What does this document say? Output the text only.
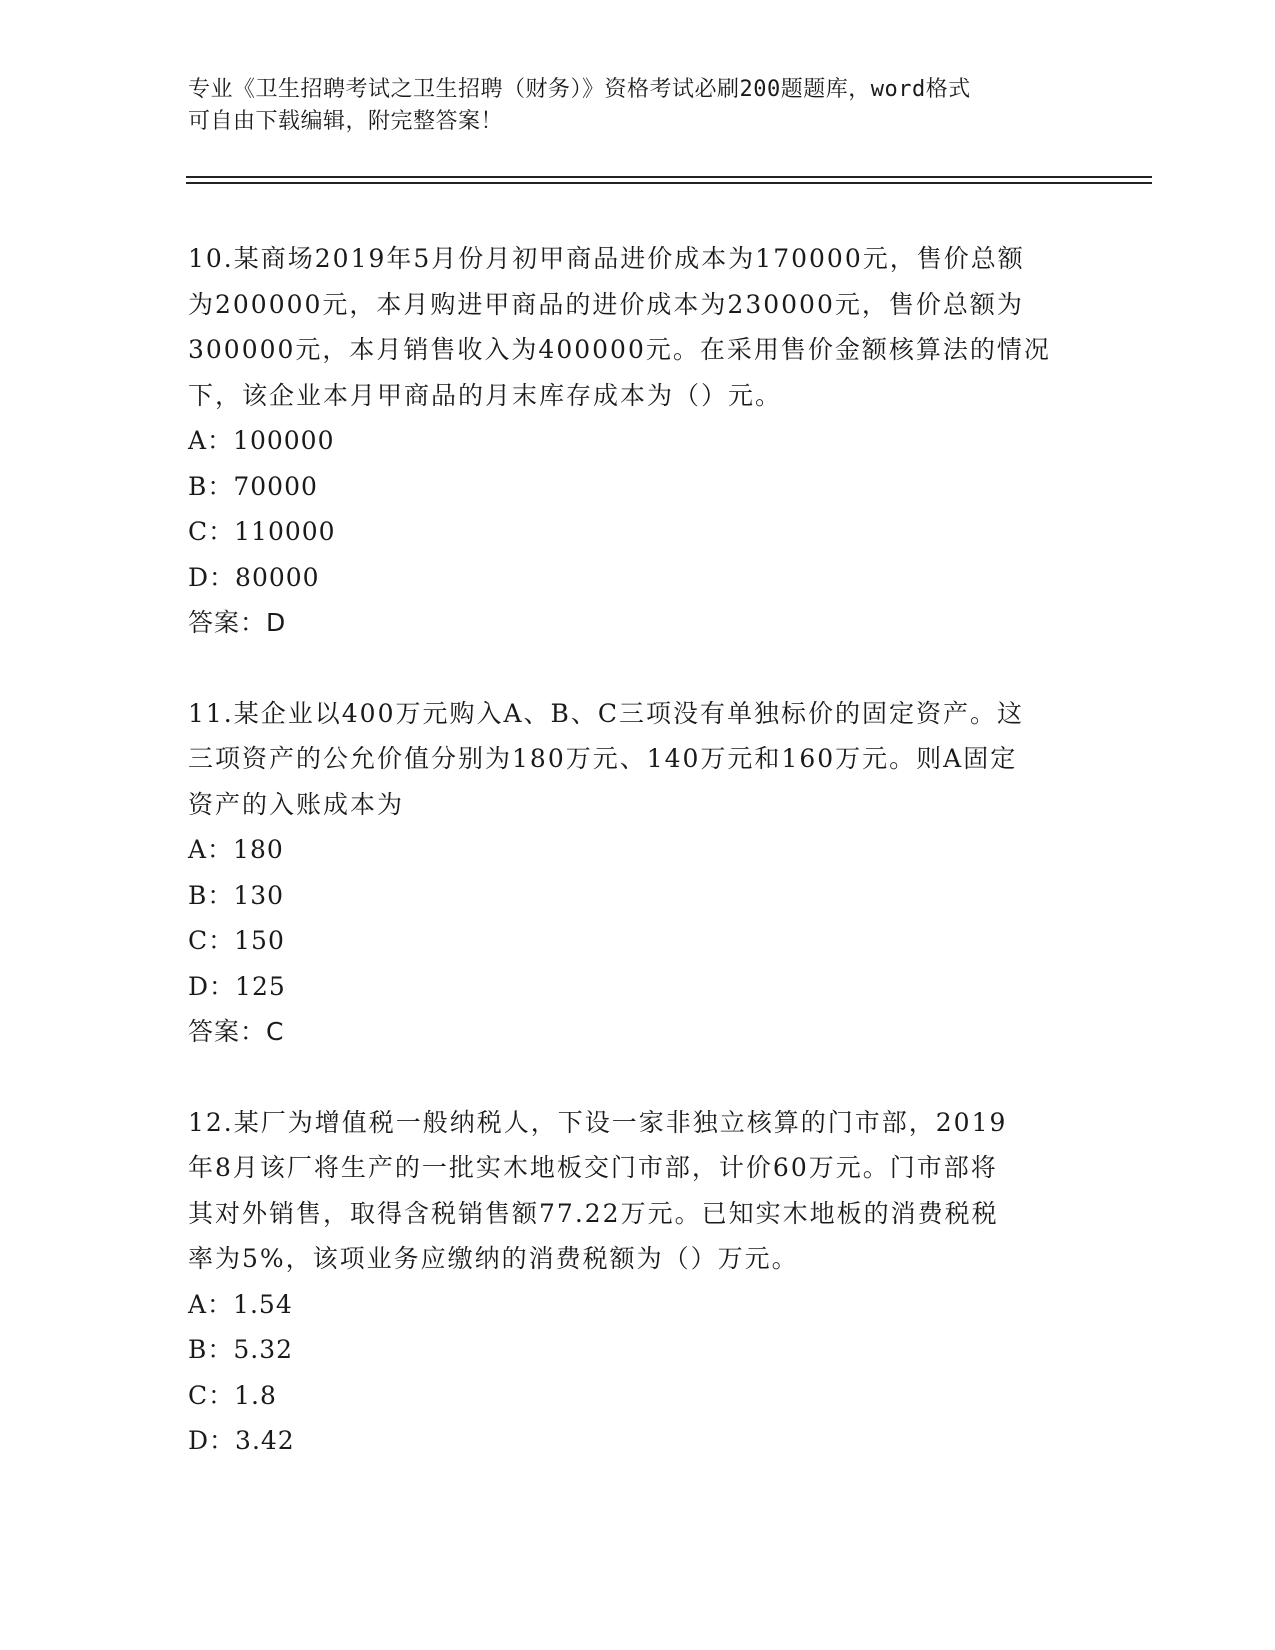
专业《卫生招聘考试之卫生招聘（财务）》资格考试必刷200题题库，word格式
可自由下载编辑，附完整答案！

10.某商场2019年5月份月初甲商品进价成本为170000元，售价总额
为200000元，本月购进甲商品的进价成本为230000元，售价总额为
300000元，本月销售收入为400000元。在采用售价金额核算法的情况
下，该企业本月甲商品的月末库存成本为（）元。

A：100000

B：70000

C：110000

D：80000

答案：D

11.某企业以400万元购入A、B、C三项没有单独标价的固定资产。这
三项资产的公允价值分别为180万元、140万元和160万元。则A固定
资产的入账成本为

A：180

B：130

C：150

D：125

答案：C

12.某厂为增值税一般纳税人，下设一家非独立核算的门市部，2019
年8月该厂将生产的一批实木地板交门市部，计价60万元。门市部将
其对外销售，取得含税销售额77.22万元。已知实木地板的消费税税
率为5%，该项业务应缴纳的消费税额为（）万元。

A：1.54

B：5.32

C：1.8

D：3.42
